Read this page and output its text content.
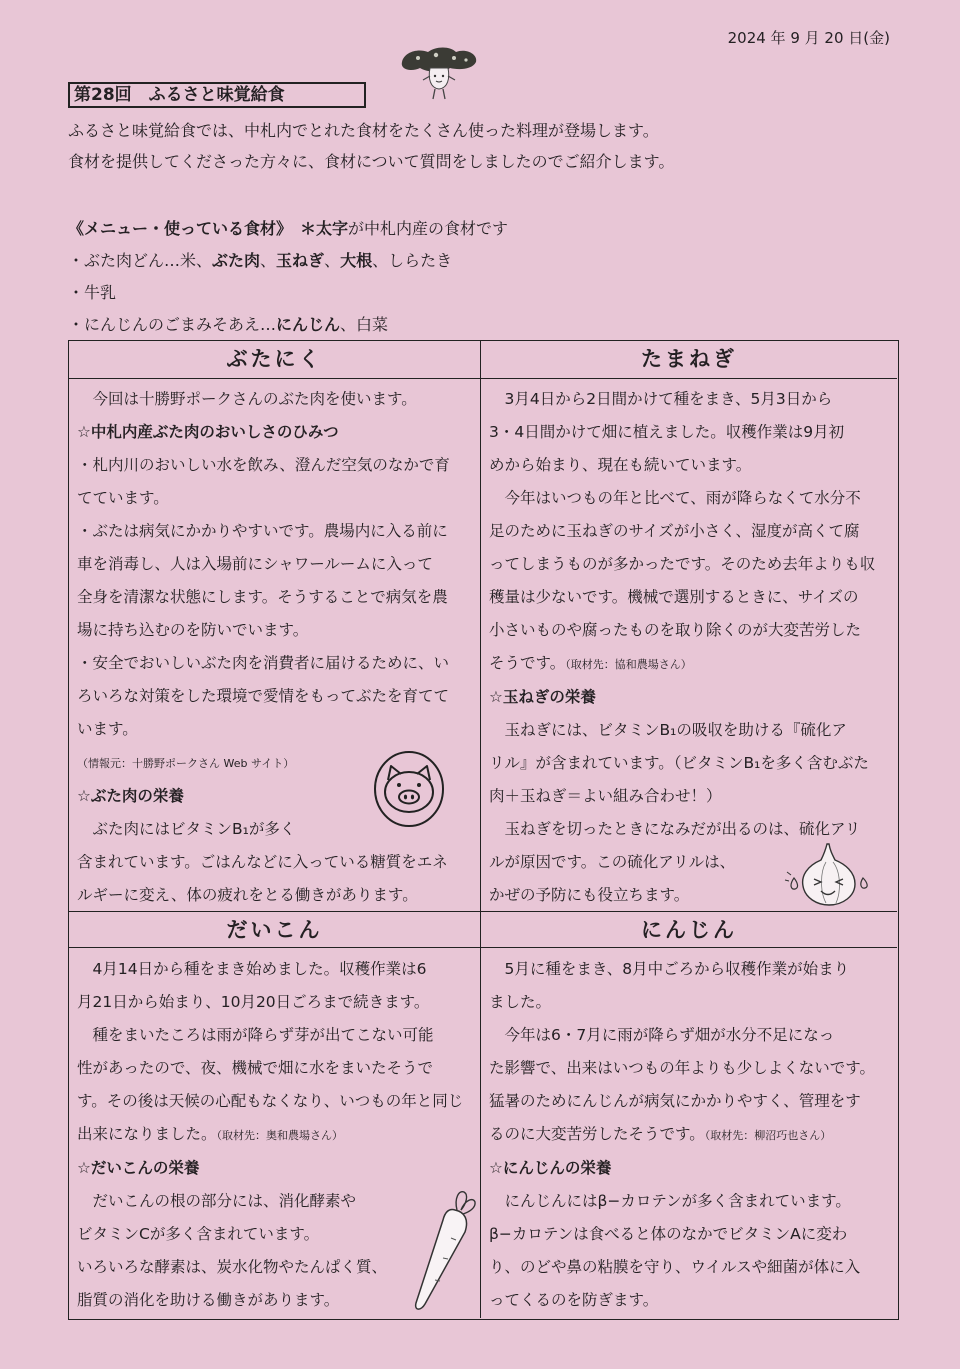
2024 年 9 月 20 日(金)
第28回　ふるさと味覚給食
ふるさと味覚給食では、中札内でとれた食材をたくさん使った料理が登場します。
食材を提供してくださった方々に、食材について質問をしましたのでご紹介します。
《メニュー・使っている食材》　 ＊太字が中札内産の食材です
・ぶた肉どん…米、ぶた肉、玉ねぎ、大根、しらたき
・牛乳
・にんじんのごまみそあえ…にんじん、白菜
ぶたにく	たまねぎ
　今回は十勝野ポークさんのぶた肉を使います。
☆中札内産ぶた肉のおいしさのひみつ
・札内川のおいしい水を飲み、澄んだ空気のなかで育
てています。
・ぶたは病気にかかりやすいです。農場内に入る前に
車を消毒し、人は入場前にシャワールームに入って
全身を清潔な状態にします。そうすることで病気を農
場に持ち込むのを防いでいます。
・安全でおいしいぶた肉を消費者に届けるために、い
ろいろな対策をした環境で愛情をもってぶたを育てて
います。
（情報元：十勝野ポークさん Web サイト）
☆ぶた肉の栄養
　ぶた肉にはビタミンB₁が多く
含まれています。ごはんなどに入っている糖質をエネ
ルギーに変え、体の疲れをとる働きがあります。
　3月4日から2日間かけて種をまき、5月3日から
3・4日間かけて畑に植えました。収穫作業は9月初
めから始まり、現在も続いています。
　今年はいつもの年と比べて、雨が降らなくて水分不
足のために玉ねぎのサイズが小さく、湿度が高くて腐
ってしまうものが多かったです。そのため去年よりも収
穫量は少ないです。機械で選別するときに、サイズの
小さいものや腐ったものを取り除くのが大変苦労した
そうです。（取材先：協和農場さん）
☆玉ねぎの栄養
　玉ねぎには、ビタミンB₁の吸収を助ける『硫化ア
リル』が含まれています。（ビタミンB₁を多く含むぶた
肉＋玉ねぎ＝よい組み合わせ！）
　玉ねぎを切ったときになみだが出るのは、硫化アリ
ルが原因です。この硫化アリルは、
かぜの予防にも役立ちます。
だいこん	にんじん
　4月14日から種をまき始めました。収穫作業は6
月21日から始まり、10月20日ごろまで続きます。
　種をまいたころは雨が降らず芽が出てこない可能
性があったので、夜、機械で畑に水をまいたそうで
す。その後は天候の心配もなくなり、いつもの年と同じ
出来になりました。（取材先：奥和農場さん）
☆だいこんの栄養
　だいこんの根の部分には、消化酵素や
ビタミンCが多く含まれています。
いろいろな酵素は、炭水化物やたんぱく質、
脂質の消化を助ける働きがあります。
　5月に種をまき、8月中ごろから収穫作業が始まり
ました。
　今年は6・7月に雨が降らず畑が水分不足になっ
た影響で、出来はいつもの年よりも少しよくないです。
猛暑のためにんじんが病気にかかりやすく、管理をす
るのに大変苦労したそうです。（取材先：柳沼巧也さん）
☆にんじんの栄養
　にんじんにはβ−カロテンが多く含まれています。
β−カロテンは食べると体のなかでビタミンAに変わ
り、のどや鼻の粘膜を守り、ウイルスや細菌が体に入
ってくるのを防ぎます。
